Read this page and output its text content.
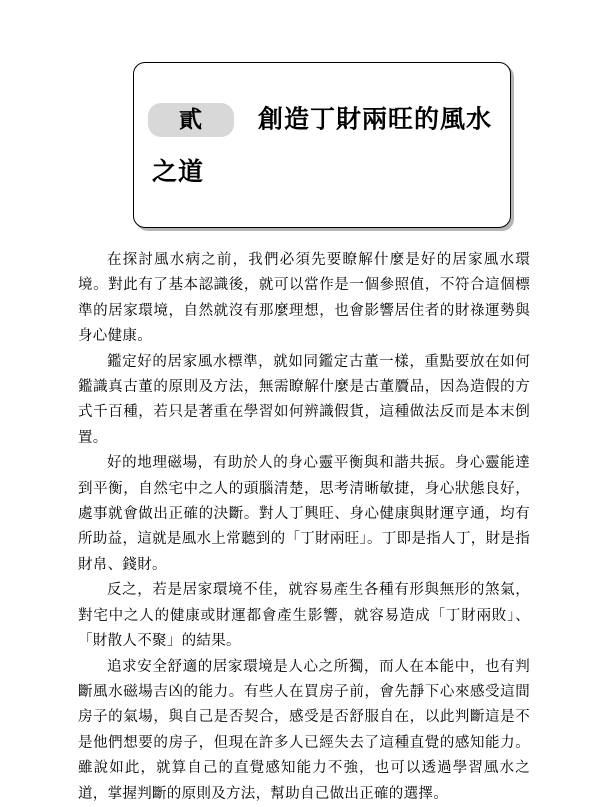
貳 創造丁財兩旺的風水
之道

在探討風水病之前，我們必須先要瞭解什麼是好的居家風水環境。對此有了基本認識後，就可以當作是一個參照值，不符合這個標準的居家環境，自然就沒有那麼理想，也會影響居住者的財祿運勢與身心健康。

鑑定好的居家風水標準，就如同鑑定古董一樣，重點要放在如何鑑識真古董的原則及方法，無需瞭解什麼是古董贗品，因為造假的方式千百種，若只是著重在學習如何辨識假貨，這種做法反而是本末倒置。

好的地理磁場，有助於人的身心靈平衡與和諧共振。身心靈能達到平衡，自然宅中之人的頭腦清楚，思考清晰敏捷，身心狀態良好，處事就會做出正確的決斷。對人丁興旺、身心健康與財運亨通，均有所助益，這就是風水上常聽到的「丁財兩旺」。丁即是指人丁，財是指財帛、錢財。

反之，若是居家環境不佳，就容易產生各種有形與無形的煞氣，對宅中之人的健康或財運都會產生影響，就容易造成「丁財兩敗」、「財散人不聚」的結果。

追求安全舒適的居家環境是人心之所獨，而人在本能中，也有判斷風水磁場吉凶的能力。有些人在買房子前，會先靜下心來感受這間房子的氣場，與自己是否契合，感受是否舒服自在，以此判斷這是不是他們想要的房子，但現在許多人已經失去了這種直覺的感知能力。雖說如此，就算自己的直覺感知能力不強，也可以透過學習風水之道，掌握判斷的原則及方法，幫助自己做出正確的選擇。
